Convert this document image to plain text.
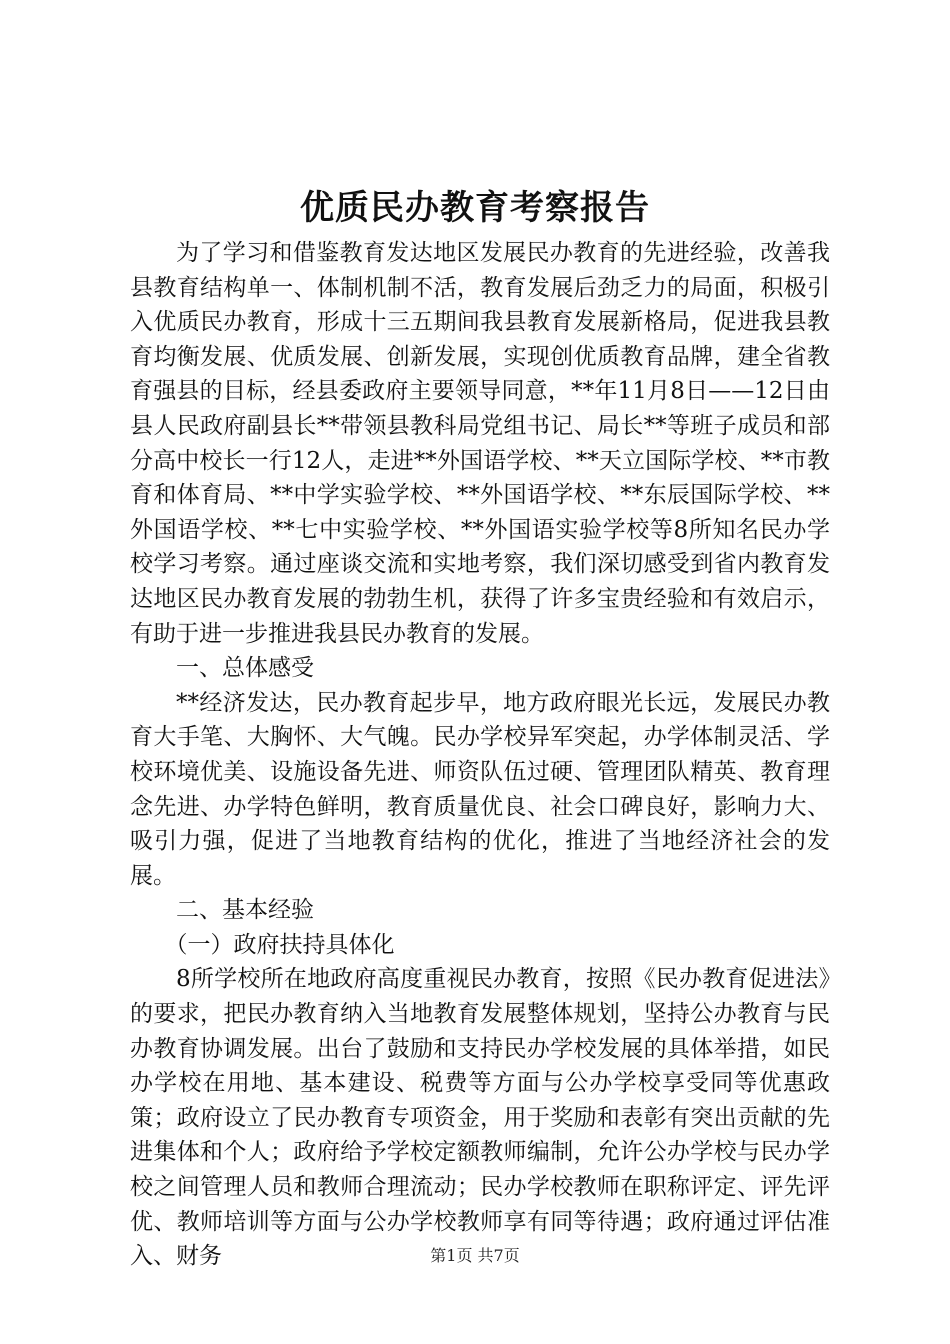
优质民办教育考察报告

为了学习和借鉴教育发达地区发展民办教育的先进经验，改善我县教育结构单一、体制机制不活，教育发展后劲乏力的局面，积极引入优质民办教育，形成十三五期间我县教育发展新格局，促进我县教育均衡发展、优质发展、创新发展，实现创优质教育品牌，建全省教育强县的目标，经县委政府主要领导同意，**年11月8日——12日由县人民政府副县长**带领县教科局党组书记、局长**等班子成员和部分高中校长一行12人，走进**外国语学校、**天立国际学校、**市教育和体育局、**中学实验学校、**外国语学校、**东辰国际学校、**外国语学校、**七中实验学校、**外国语实验学校等8所知名民办学校学习考察。通过座谈交流和实地考察，我们深切感受到省内教育发达地区民办教育发展的勃勃生机，获得了许多宝贵经验和有效启示，有助于进一步推进我县民办教育的发展。

一、总体感受

**经济发达，民办教育起步早，地方政府眼光长远，发展民办教育大手笔、大胸怀、大气魄。民办学校异军突起，办学体制灵活、学校环境优美、设施设备先进、师资队伍过硬、管理团队精英、教育理念先进、办学特色鲜明，教育质量优良、社会口碑良好，影响力大、吸引力强，促进了当地教育结构的优化，推进了当地经济社会的发展。

二、基本经验

（一）政府扶持具体化

8所学校所在地政府高度重视民办教育，按照《民办教育促进法》的要求，把民办教育纳入当地教育发展整体规划，坚持公办教育与民办教育协调发展。出台了鼓励和支持民办学校发展的具体举措，如民办学校在用地、基本建设、税费等方面与公办学校享受同等优惠政策；政府设立了民办教育专项资金，用于奖励和表彰有突出贡献的先进集体和个人；政府给予学校定额教师编制，允许公办学校与民办学校之间管理人员和教师合理流动；民办学校教师在职称评定、评先评优、教师培训等方面与公办学校教师享有同等待遇；政府通过评估准入、财务	第1页 共7页
